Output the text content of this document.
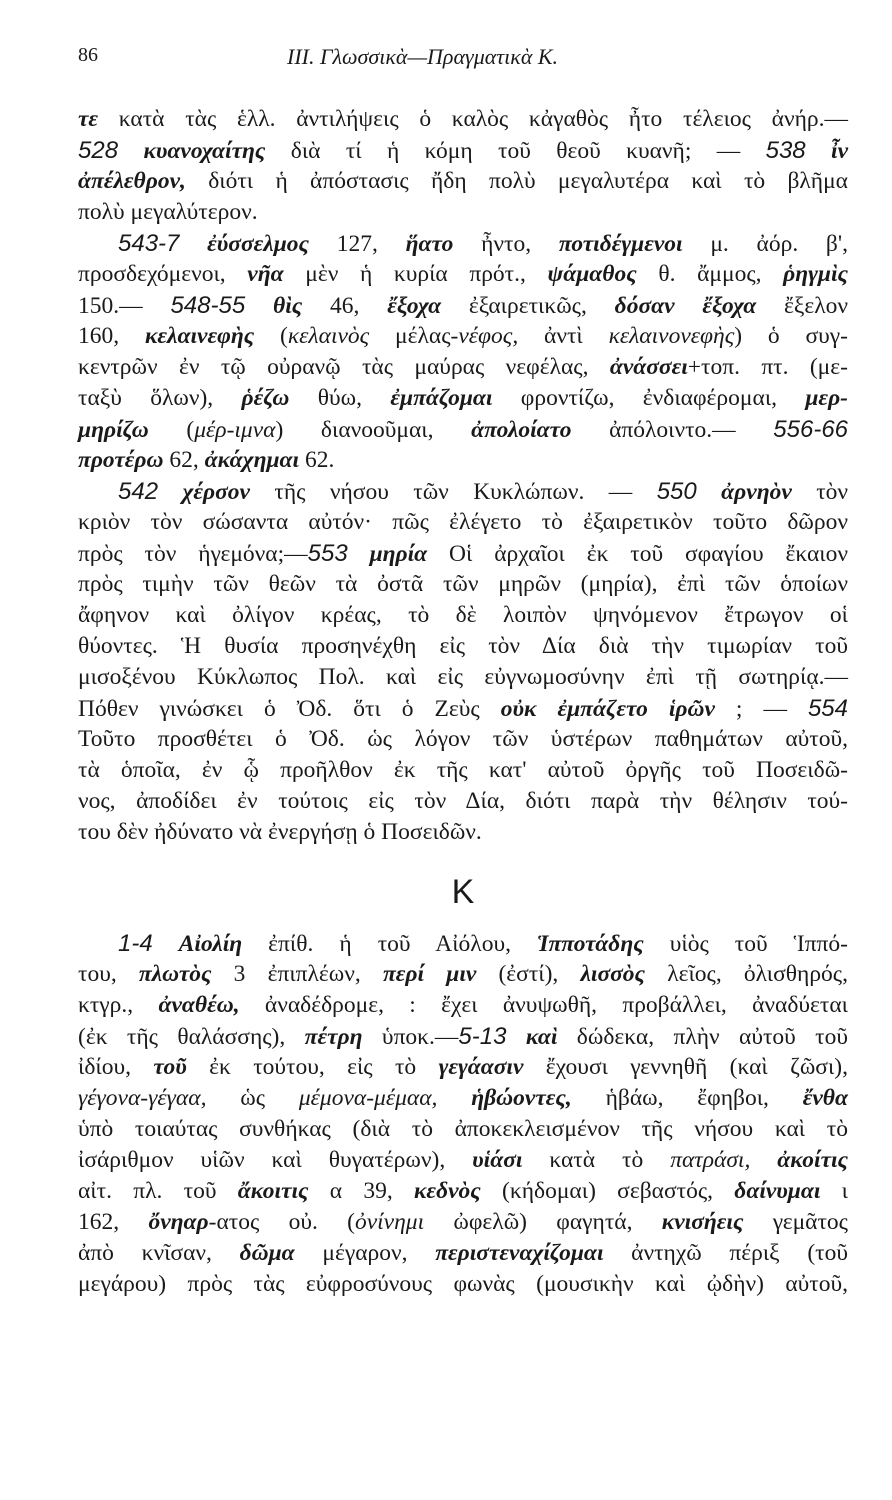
86	III. Γλωσσικὰ—Πραγματικὰ Κ.
τε κατὰ τὰς ἑλλ. ἀντιλήψεις ὁ καλὸς κἀγαθὸς ἦτο τέλειος ἀνήρ.—
528 κυανοχαίτης διὰ τί ἡ κόμη τοῦ θεοῦ κυανῆ; — 538 ἶν
ἀπέλεθρον, διότι ἡ ἀπόστασις ἤδη πολὺ μεγαλυτέρα καὶ τὸ βλῆμα
πολὺ μεγαλύτερον.
543-7 ἐύσσελμος 127, ἥατο ἦντο, ποτιδέγμενοι μ. ἀόρ. β',
προσδεχόμενοι, νῆα μὲν ἡ κυρία πρότ., ψάμαθος θ. ἄμμος, ῥηγμὶς
150.— 548-55 θὶς 46, ἔξοχα ἐξαιρετικῶς, δόσαν ἔξοχα ἔξελον
160, κελαινεφὴς (κελαινὸς μέλας-νέφος, ἀντὶ κελαινονεφὴς) ὁ συγ-
κεντρῶν ἐν τῷ οὐρανῷ τὰς μαύρας νεφέλας, ἀνάσσει+τοπ. πτ. (με-
ταξὺ ὅλων), ῥέζω θύω, ἐμπάζομαι φροντίζω, ἐνδιαφέρομαι, μερ-
μηρίζω (μέρ-ιμνα) διανοοῦμαι, ἀπολοίατο ἀπόλοιντο.— 556-66
προτέρω 62, ἀκάχημαι 62.
542 χέρσον τῆς νήσου τῶν Κυκλώπων. — 550 ἀρνηὸν τὸν
κριὸν τὸν σώσαντα αὐτόν· πῶς ἐλέγετο τὸ ἐξαιρετικὸν τοῦτο δῶρον
πρὸς τὸν ἡγεμόνα;—553 μηρία Οἱ ἀρχαῖοι ἐκ τοῦ σφαγίου ἔκαιον
πρὸς τιμὴν τῶν θεῶν τὰ ὀστᾶ τῶν μηρῶν (μηρία), ἐπὶ τῶν ὁποίων
ἄφηνον καὶ ὀλίγον κρέας, τὸ δὲ λοιπὸν ψηνόμενον ἔτρωγον οἱ
θύοντες. Ἡ θυσία προσηνέχθη εἰς τὸν Δία διὰ τὴν τιμωρίαν τοῦ
μισοξένου Κύκλωπος Πολ. καὶ εἰς εὐγνωμοσύνην ἐπὶ τῇ σωτηρίᾳ.—
Πόθεν γινώσκει ὁ Ὀδ. ὅτι ὁ Ζεὺς οὐκ ἐμπάζετο ἱρῶν ; — 554
Τοῦτο προσθέτει ὁ Ὀδ. ὡς λόγον τῶν ὑστέρων παθημάτων αὐτοῦ,
τὰ ὁποῖα, ἐν ᾧ προῆλθον ἐκ τῆς κατ' αὐτοῦ ὀργῆς τοῦ Ποσειδῶ-
νος, ἀποδίδει ἐν τούτοις εἰς τὸν Δία, διότι παρὰ τὴν θέλησιν τού-
του δὲν ἠδύνατο νὰ ἐνεργήσῃ ὁ Ποσειδῶν.
Κ
1-4 Αἰολίη ἐπίθ. ἡ τοῦ Αἰόλου, Ἱπποτάδης υἱὸς τοῦ Ἱππό-
του, πλωτὸς 3 ἐπιπλέων, περί μιν (ἐστί), λισσὸς λεῖος, ὀλισθηρός,
κτγρ., ἀναθέω, ἀναδέδρομε, : ἔχει ἀνυψωθῆ, προβάλλει, ἀναδύεται
(ἐκ τῆς θαλάσσης), πέτρη ὑποκ.—5-13 καὶ δώδεκα, πλὴν αὐτοῦ τοῦ
ἰδίου, τοῦ ἐκ τούτου, εἰς τὸ γεγάασιν ἔχουσι γεννηθῆ (καὶ ζῶσι),
γέγονα-γέγαα, ὡς μέμονα-μέμαα, ἡβώοντες, ἡβάω, ἔφηβοι, ἔνθα
ὑπὸ τοιαύτας συνθήκας (διὰ τὸ ἀποκεκλεισμένον τῆς νήσου καὶ τὸ
ἰσάριθμον υἱῶν καὶ θυγατέρων), υἱάσι κατὰ τὸ πατράσι, ἀκοίτις
αἰτ. πλ. τοῦ ἄκοιτις α 39, κεδνὸς (κήδομαι) σεβαστός, δαίνυμαι ι
162, ὄνηαρ-ατος οὐ. (ὀνίνημι ὠφελῶ) φαγητά, κνισήεις γεμᾶτος
ἀπὸ κνῖσαν, δῶμα μέγαρον, περιστεναχίζομαι ἀντηχῶ πέριξ (τοῦ
μεγάρου) πρὸς τὰς εὐφροσύνους φωνὰς (μουσικὴν καὶ ᾠδὴν) αὐτοῦ,
